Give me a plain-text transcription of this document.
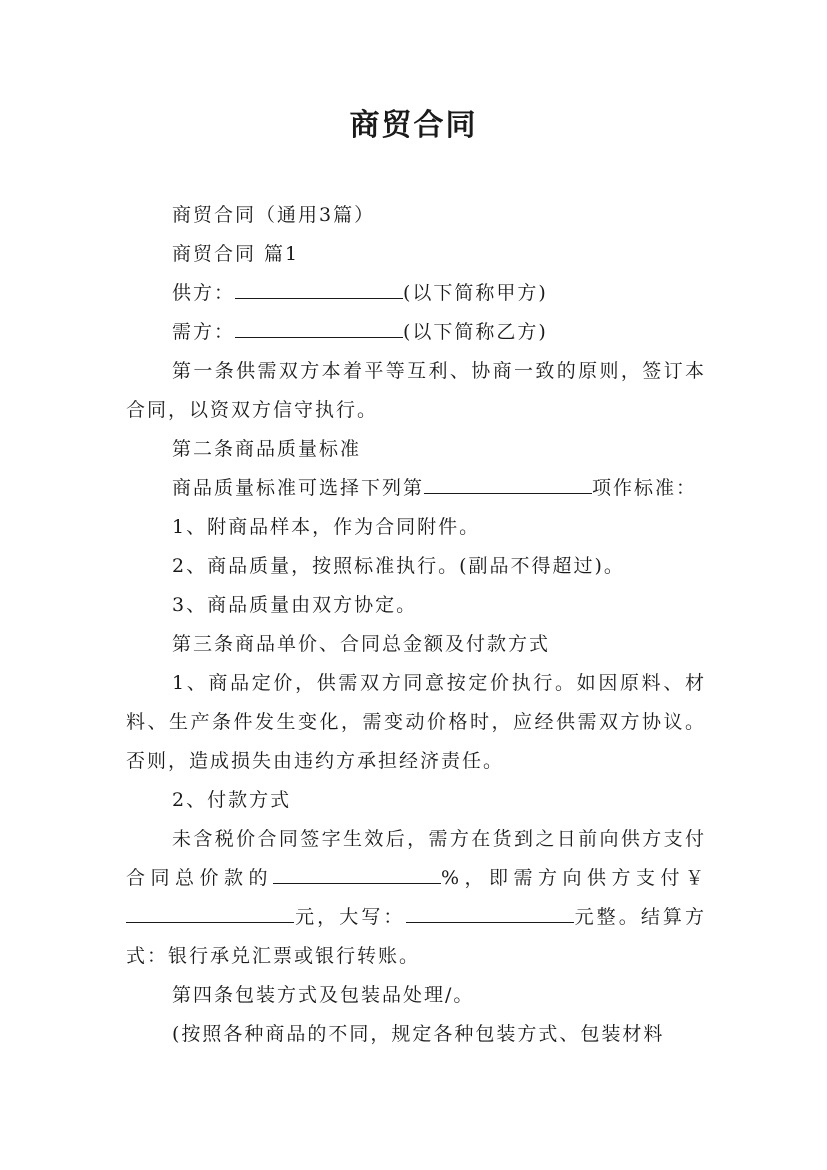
商贸合同

商贸合同（通用3篇）

商贸合同 篇1

供方：	(以下简称甲方)

需方：	(以下简称乙方)

第一条供需双方本着平等互利、协商一致的原则，签订本合同，以资双方信守执行。

第二条商品质量标准

商品质量标准可选择下列第	项作标准：

1、附商品样本，作为合同附件。

2、商品质量，按照标准执行。(副品不得超过)。

3、商品质量由双方协定。

第三条商品单价、合同总金额及付款方式

1、商品定价，供需双方同意按定价执行。如因原料、材料、生产条件发生变化，需变动价格时，应经供需双方协议。否则，造成损失由违约方承担经济责任。

2、付款方式

未含税价合同签字生效后，需方在货到之日前向供方支付合同总价款的	%，即需方向供方支付￥元，大写：	元整。结算方式：银行承兑汇票或银行转账。

第四条包装方式及包装品处理/。

(按照各种商品的不同，规定各种包装方式、包装材料
